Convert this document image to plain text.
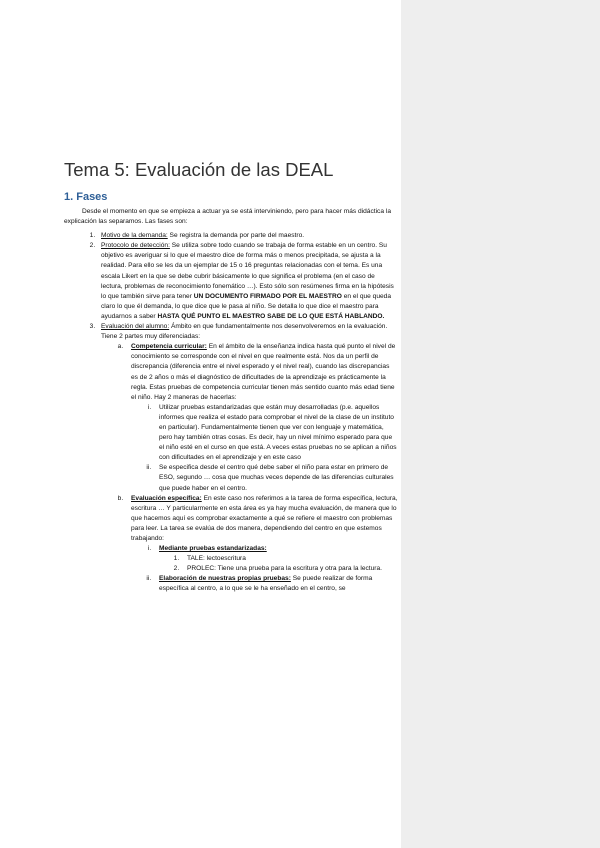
Tema 5: Evaluación de las DEAL
1. Fases

Desde el momento en que se empieza a actuar ya se está interviniendo, pero para hacer más didáctica la explicación las separamos. Las fases son:

1. Motivo de la demanda: Se registra la demanda por parte del maestro.
2. Protocolo de detección: Se utiliza sobre todo cuando se trabaja de forma estable en un centro. Su objetivo es averiguar si lo que el maestro dice de forma más o menos precipitada, se ajusta a la realidad. Para ello se les da un ejemplar de 15 o 16 preguntas relacionadas con el tema. Es una escala Likert en la que se debe cubrir básicamente lo que significa el problema (en el caso de lectura, problemas de reconocimiento fonemático …). Esto sólo son resúmenes firma en la hipótesis lo que también sirve para tener UN DOCUMENTO FIRMADO POR EL MAESTRO en el que queda claro lo que él demanda, lo que dice que le pasa al niño. Se detalla lo que dice el maestro para ayudarnos a saber HASTA QUÉ PUNTO EL MAESTRO SABE DE LO QUE ESTÁ HABLANDO.
3. Evaluación del alumno: Ámbito en que fundamentalmente nos desenvolveremos en la evaluación. Tiene 2 partes muy diferenciadas:
a. Competencia curricular: En el ámbito de la enseñanza indica hasta qué punto el nivel de conocimiento se corresponde con el nivel en que realmente está. Nos da un perfil de discrepancia (diferencia entre el nivel esperado y el nivel real), cuando las discrepancias es de 2 años o más el diagnóstico de dificultades de la aprendizaje es prácticamente la regla. Estas pruebas de competencia curricular tienen más sentido cuanto más edad tiene el niño. Hay 2 maneras de hacerlas:
i. Utilizar pruebas estandarizadas que están muy desarrolladas (p.e. aquellos informes que realiza el estado para comprobar el nivel de la clase de un instituto en particular). Fundamentalmente tienen que ver con lenguaje y matemática, pero hay también otras cosas. Es decir, hay un nivel mínimo esperado para que el niño esté en el curso en que está. A veces estas pruebas no se aplican a niños con dificultades en el aprendizaje y en este caso
ii. Se especifica desde el centro qué debe saber el niño para estar en primero de ESO, segundo … cosa que muchas veces depende de las diferencias culturales que puede haber en el centro.
b. Evaluación específica: En este caso nos referimos a la tarea de forma específica, lectura, escritura … Y particularmente en esta área es ya hay mucha evaluación, de manera que lo que hacemos aquí es comprobar exactamente a qué se refiere el maestro con problemas para leer. La tarea se evalúa de dos manera, dependiendo del centro en que estemos trabajando:
i. Mediante pruebas estandarizadas:
1. TALE: lectoescritura
2. PROLEC: Tiene una prueba para la escritura y otra para la lectura.
ii. Elaboración de nuestras propias pruebas: Se puede realizar de forma específica al centro, a lo que se le ha enseñado en el centro, se
